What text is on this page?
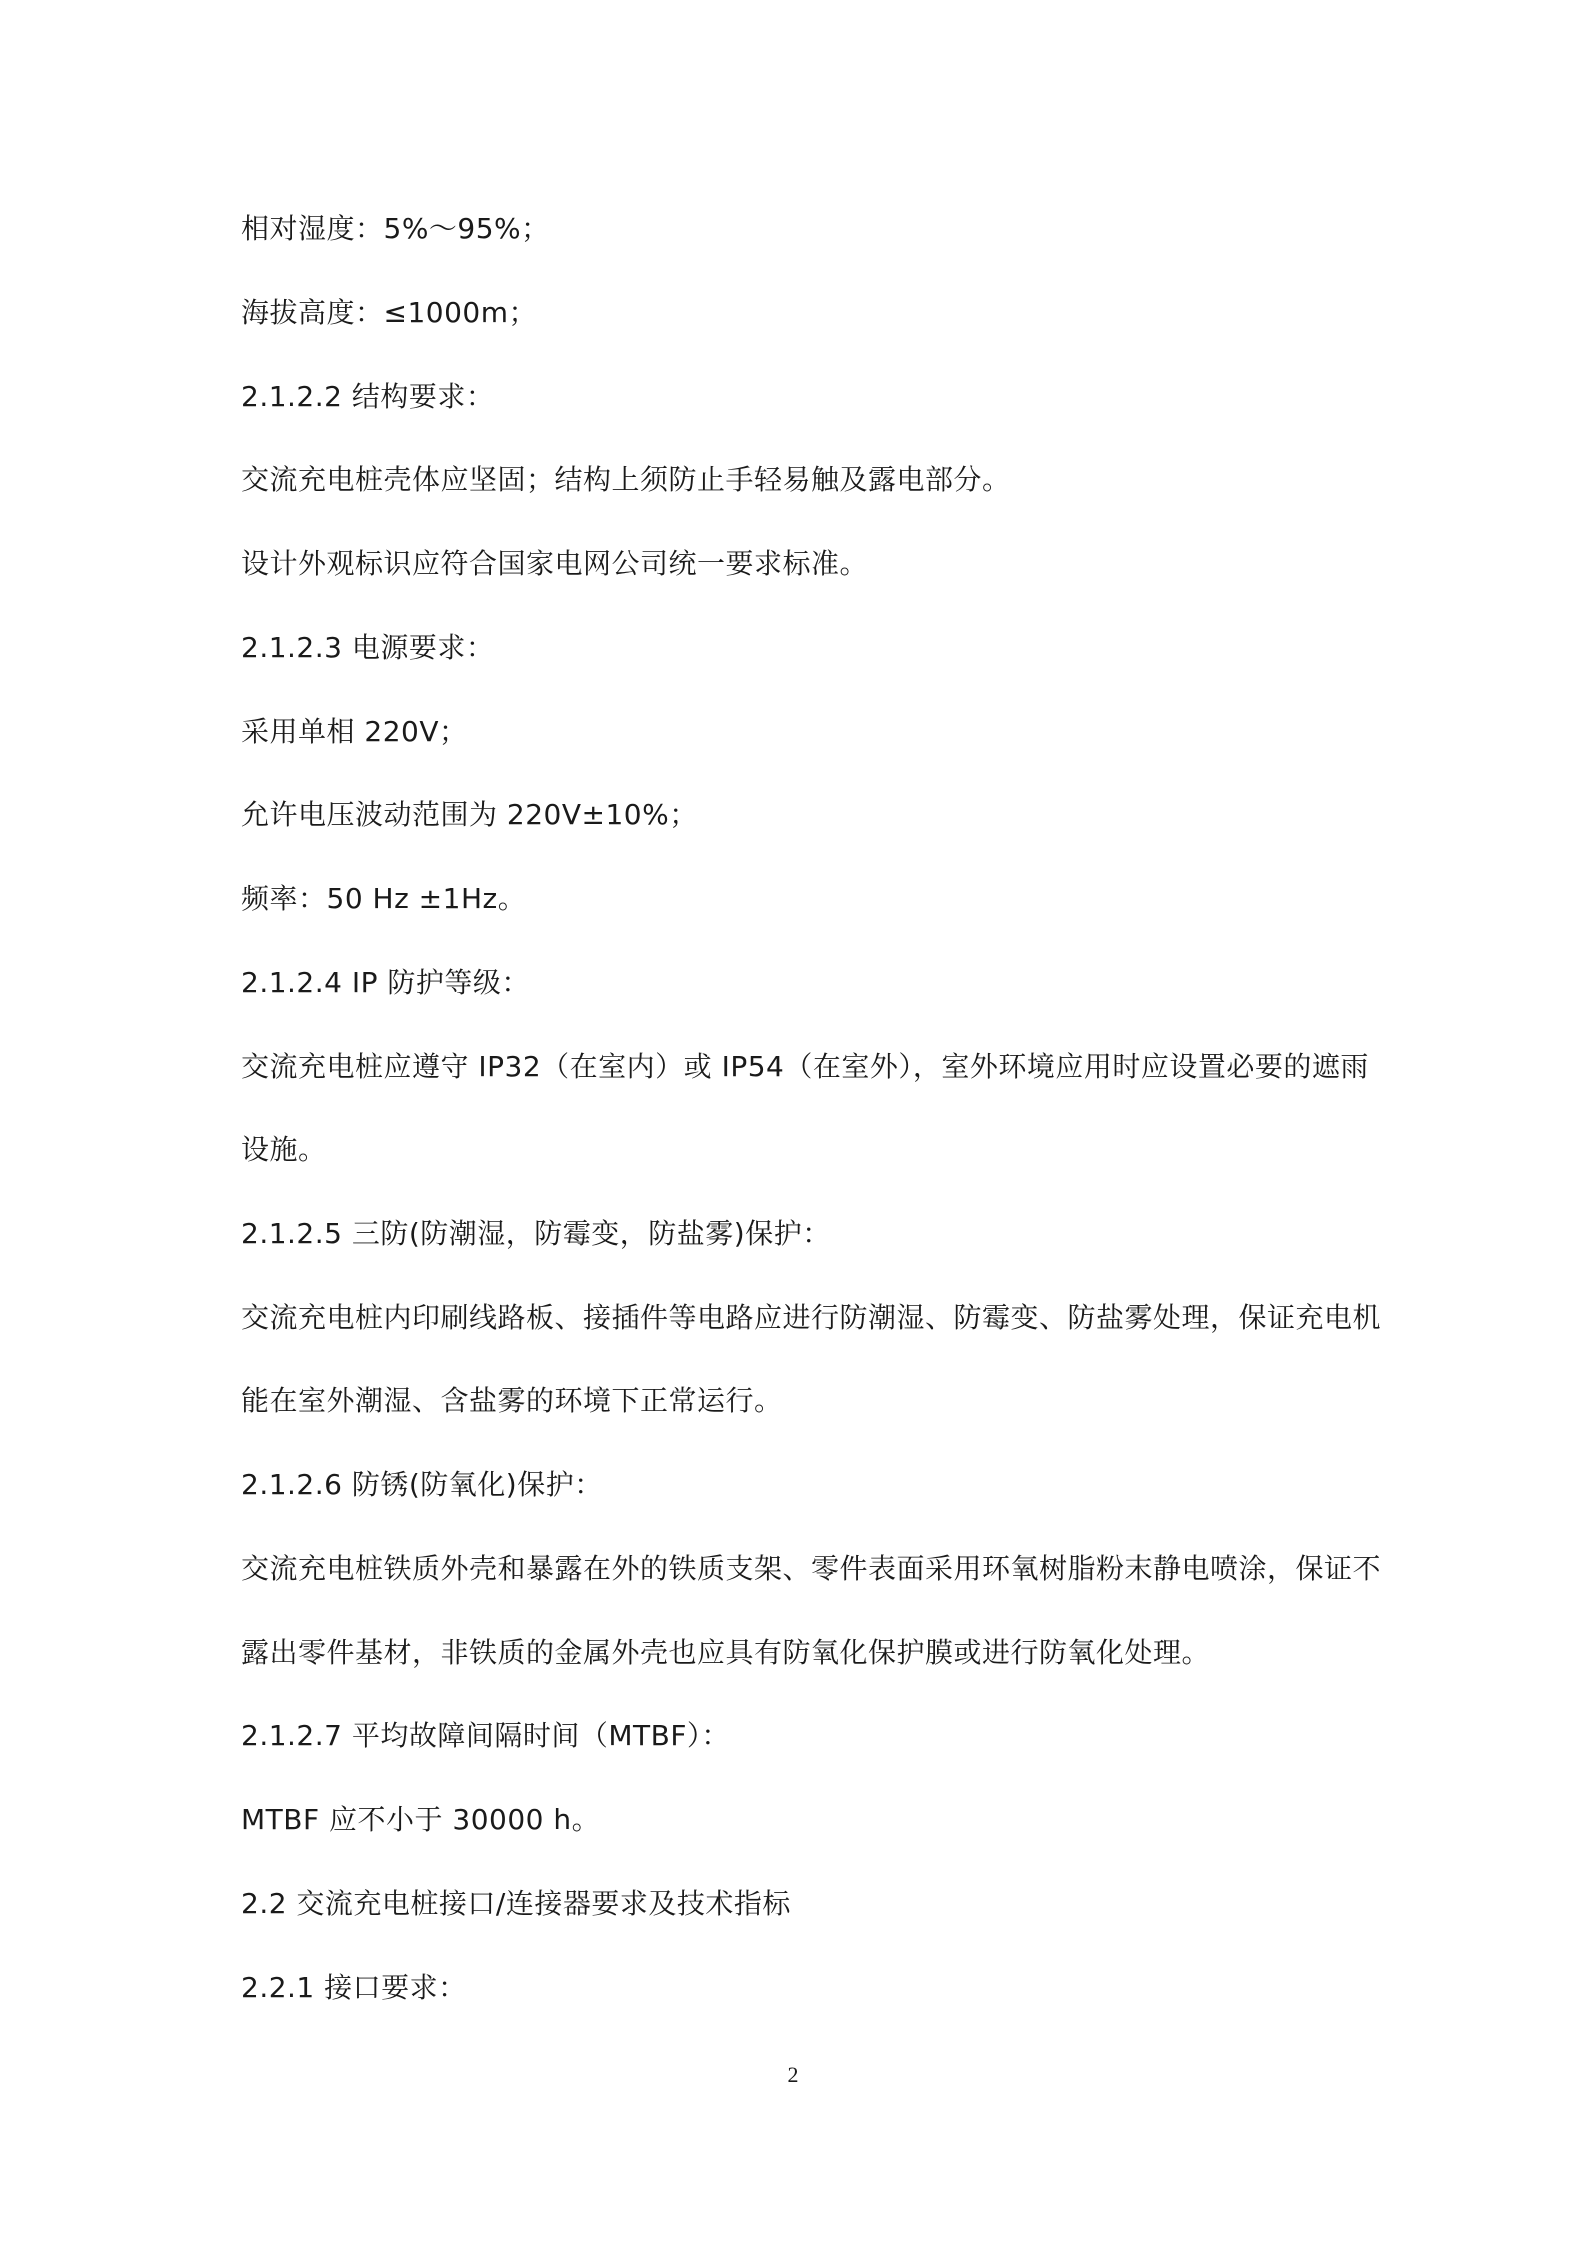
相对湿度：5%～95%；
海拔高度：≤1000m；
2.1.2.2 结构要求：
交流充电桩壳体应坚固；结构上须防止手轻易触及露电部分。
设计外观标识应符合国家电网公司统一要求标准。
2.1.2.3 电源要求：
采用单相 220V；
允许电压波动范围为 220V±10%；
频率：50 Hz ±1Hz。
2.1.2.4 IP 防护等级：
交流充电桩应遵守 IP32（在室内）或 IP54（在室外），室外环境应用时应设置必要的遮雨
设施。
2.1.2.5 三防(防潮湿，防霉变，防盐雾)保护：
交流充电桩内印刷线路板、接插件等电路应进行防潮湿、防霉变、防盐雾处理，保证充电机
能在室外潮湿、含盐雾的环境下正常运行。
2.1.2.6 防锈(防氧化)保护：
交流充电桩铁质外壳和暴露在外的铁质支架、零件表面采用环氧树脂粉末静电喷涂，保证不
露出零件基材，非铁质的金属外壳也应具有防氧化保护膜或进行防氧化处理。
2.1.2.7 平均故障间隔时间（MTBF）：
MTBF 应不小于 30000 h。
2.2 交流充电桩接口/连接器要求及技术指标
2.2.1 接口要求：
2
